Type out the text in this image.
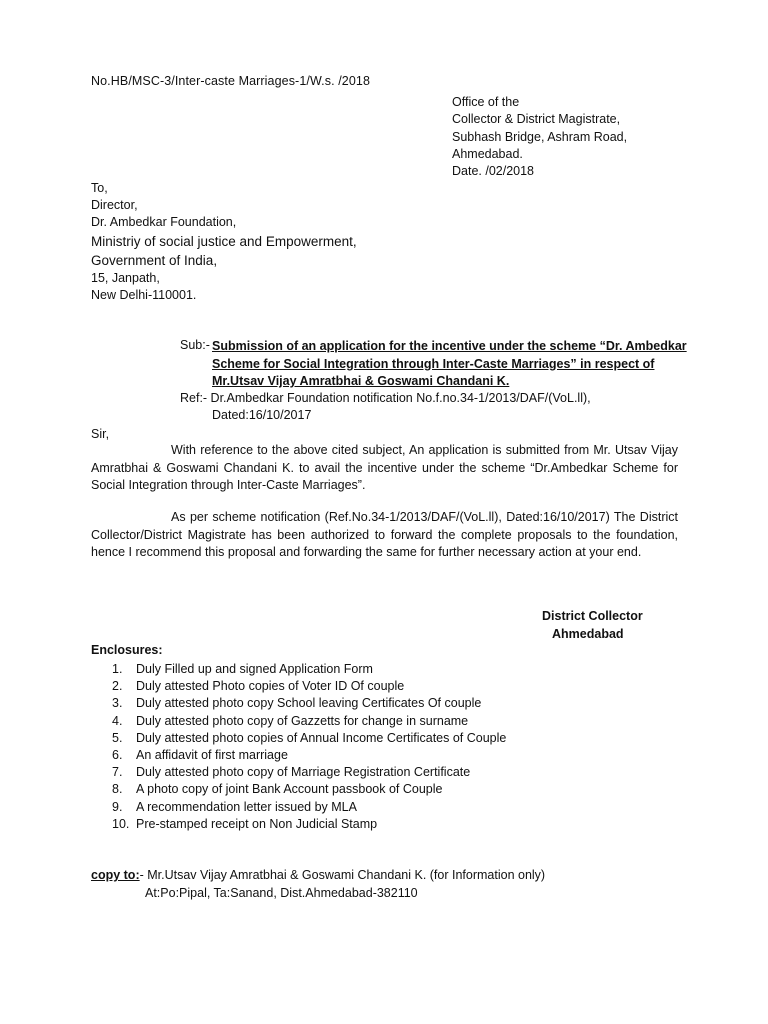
No.HB/MSC-3/Inter-caste Marriages-1/W.s. /2018
Office of the
Collector & District Magistrate,
Subhash Bridge, Ashram Road,
Ahmedabad.
Date. /02/2018
To,
Director,
Dr. Ambedkar Foundation,
Ministriy of social justice and Empowerment,
Government of India,
15, Janpath,
New Delhi-110001.
Sub:- Submission of an application for the incentive under the scheme “Dr. Ambedkar
Scheme for Social Integration through Inter-Caste Marriages” in respect of
Mr.Utsav Vijay Amratbhai & Goswami Chandani K.
Ref:- Dr.Ambedkar Foundation notification No.f.no.34-1/2013/DAF/(VoL.ll),
Dated:16/10/2017
Sir,
With reference to the above cited subject, An application is submitted from Mr. Utsav Vijay Amratbhai & Goswami Chandani K. to avail the incentive under the scheme “Dr.Ambedkar Scheme for Social Integration through Inter-Caste Marriages”.
As per scheme notification (Ref.No.34-1/2013/DAF/(VoL.ll), Dated:16/10/2017) The District Collector/District Magistrate has been authorized to forward the complete proposals to the foundation, hence I recommend this proposal and forwarding the same for further necessary action at your end.
District Collector
Ahmedabad
Enclosures:
1. Duly Filled up and signed Application Form
2. Duly attested Photo copies of Voter ID Of couple
3. Duly attested photo copy School leaving Certificates Of couple
4. Duly attested photo copy of Gazzetts for change in surname
5. Duly attested photo copies of Annual Income Certificates of Couple
6. An affidavit of first marriage
7. Duly attested photo copy of Marriage Registration Certificate
8. A photo copy of joint Bank Account passbook of Couple
9. A recommendation letter issued by MLA
10. Pre-stamped receipt on Non Judicial Stamp
copy to:- Mr.Utsav Vijay Amratbhai & Goswami Chandani K. (for Information only)
At:Po:Pipal, Ta:Sanand, Dist.Ahmedabad-382110
